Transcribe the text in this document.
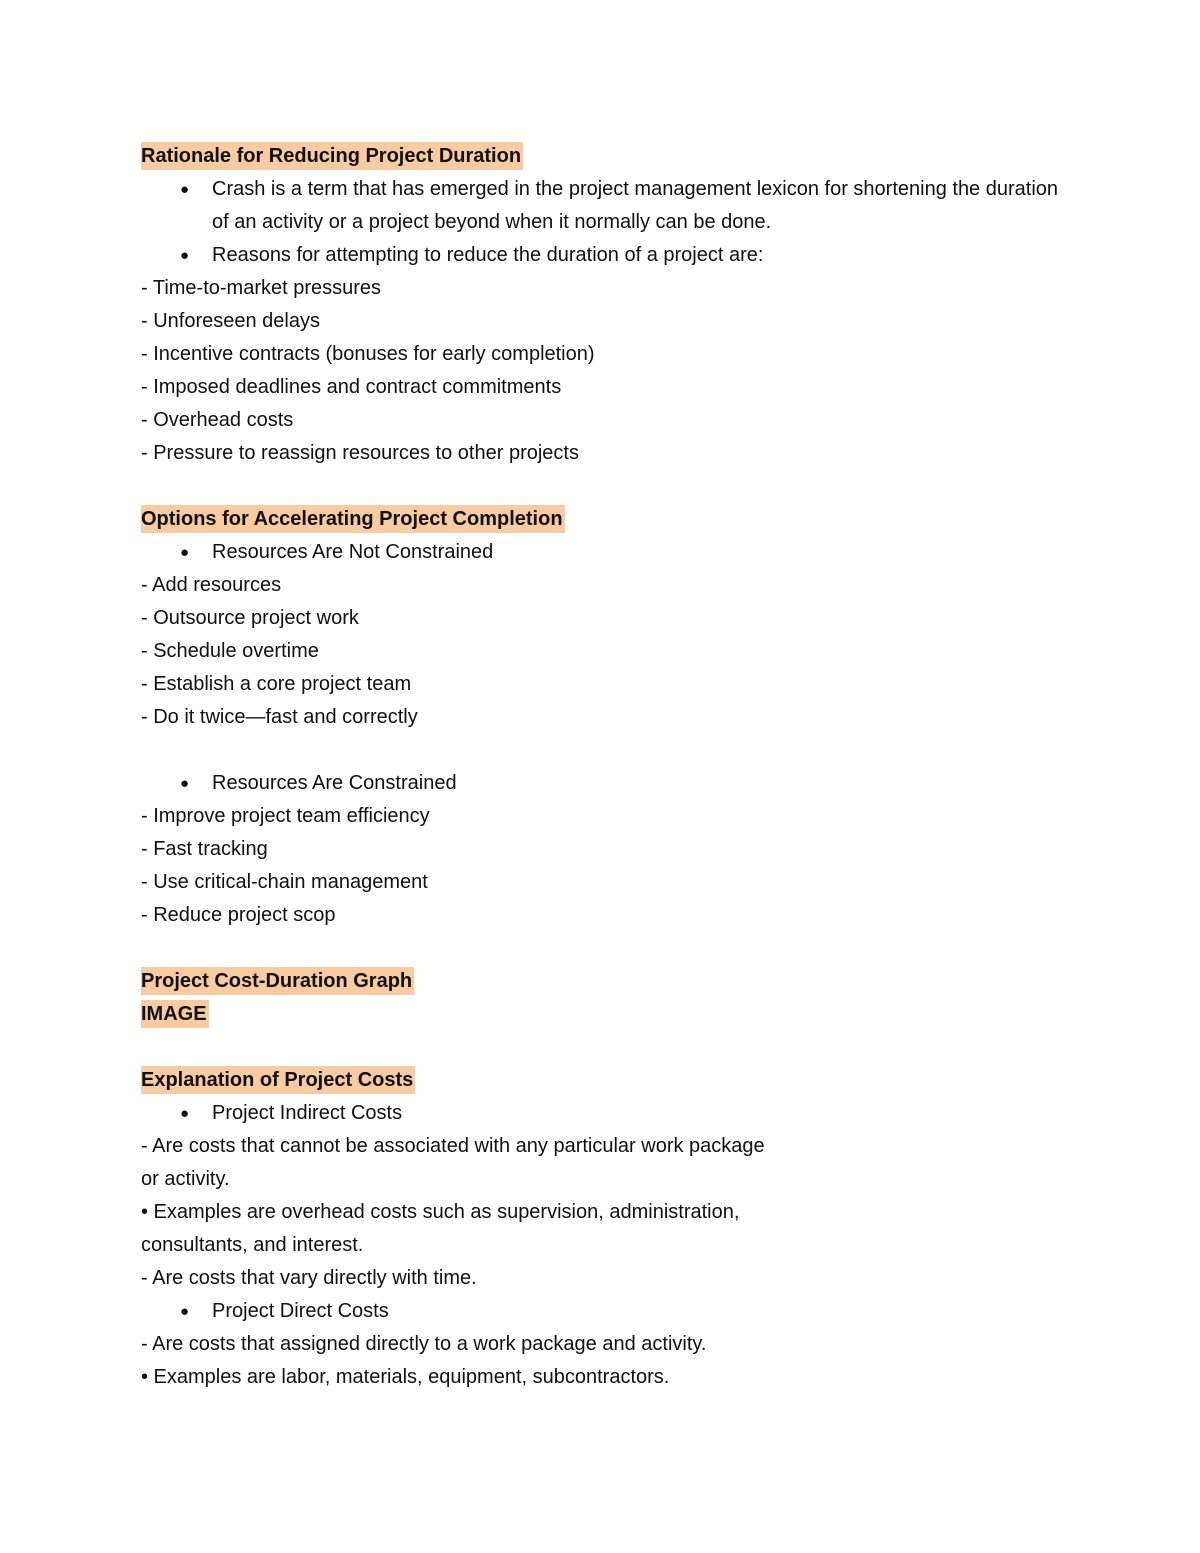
Rationale for Reducing Project Duration
● Crash is a term that has emerged in the project management lexicon for shortening the duration of an activity or a project beyond when it normally can be done.
● Reasons for attempting to reduce the duration of a project are:
- Time-to-market pressures
- Unforeseen delays
- Incentive contracts (bonuses for early completion)
- Imposed deadlines and contract commitments
- Overhead costs
- Pressure to reassign resources to other projects
Options for Accelerating Project Completion
● Resources Are Not Constrained
- Add resources
- Outsource project work
- Schedule overtime
- Establish a core project team
- Do it twice—fast and correctly
● Resources Are Constrained
- Improve project team efficiency
- Fast tracking
- Use critical-chain management
- Reduce project scop
Project Cost-Duration Graph
IMAGE
Explanation of Project Costs
● Project Indirect Costs
- Are costs that cannot be associated with any particular work package
or activity.
• Examples are overhead costs such as supervision, administration,
consultants, and interest.
- Are costs that vary directly with time.
● Project Direct Costs
- Are costs that assigned directly to a work package and activity.
• Examples are labor, materials, equipment, subcontractors.
